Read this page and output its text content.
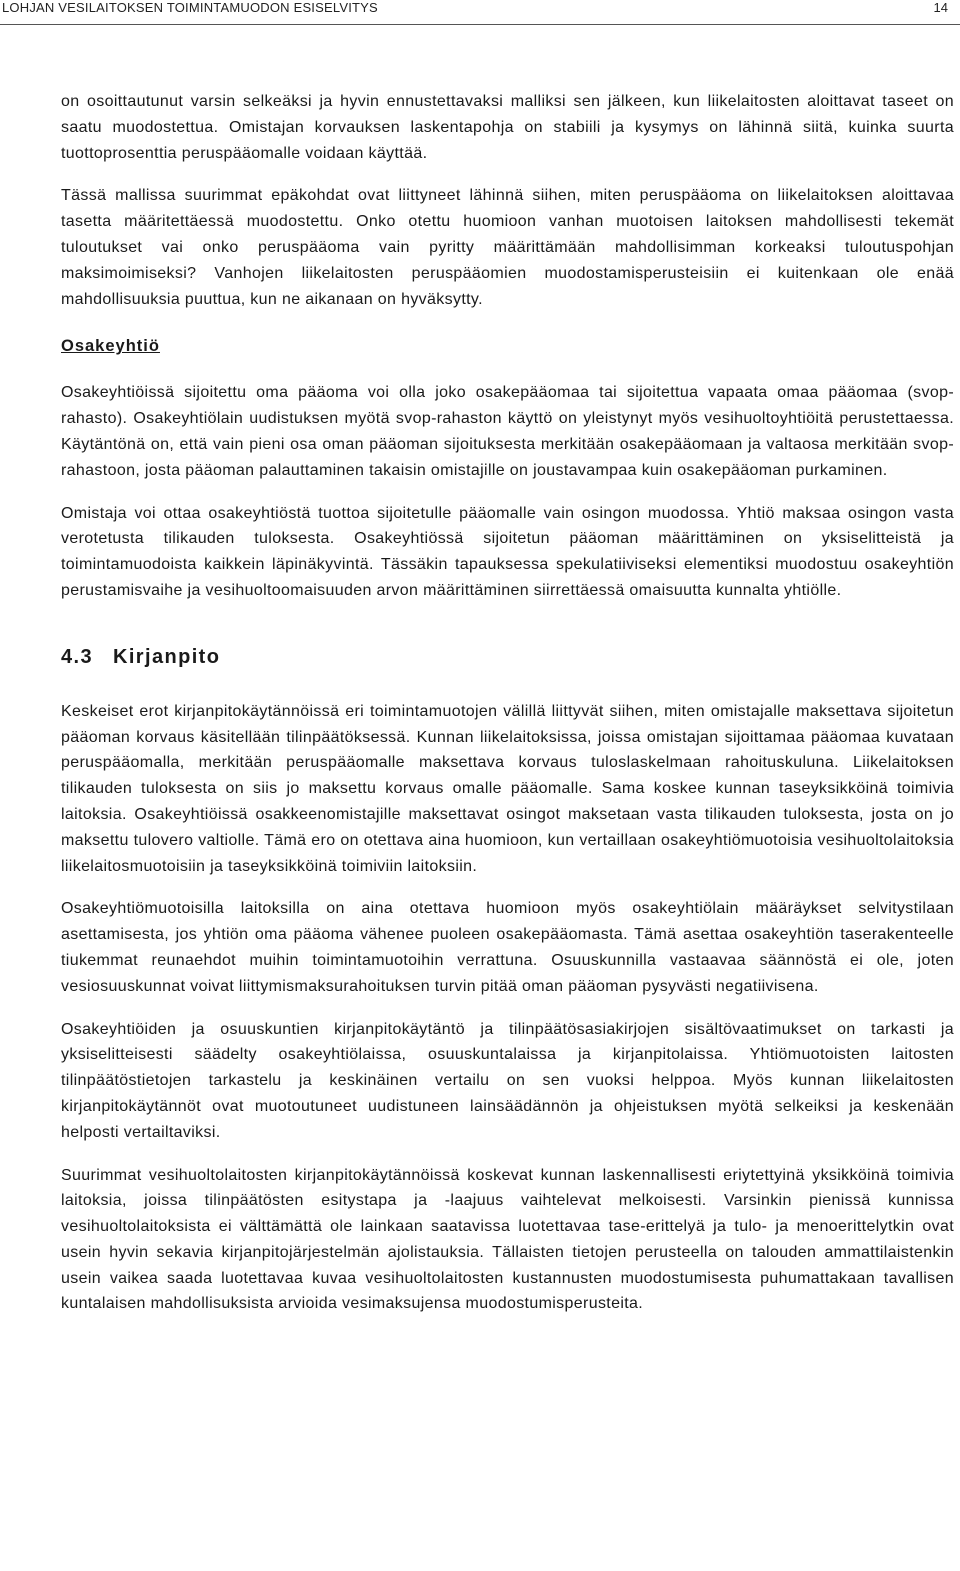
LOHJAN VESILAITOKSEN TOIMINTAMUODON ESISELVITYS	14

on osoittautunut varsin selkeäksi ja hyvin ennustettavaksi malliksi sen jälkeen, kun liikelaitosten aloittavat taseet on saatu muodostettua. Omistajan korvauksen laskentapohja on stabiili ja kysymys on lähinnä siitä, kuinka suurta tuottoprosenttia peruspääomalle voidaan käyttää.

Tässä mallissa suurimmat epäkohdat ovat liittyneet lähinnä siihen, miten peruspääoma on liikelaitoksen aloittavaa tasetta määritettäessä muodostettu. Onko otettu huomioon vanhan muotoisen laitoksen mahdollisesti tekemät tuloutukset vai onko peruspääoma vain pyritty määrittämään mahdollisimman korkeaksi tuloutuspohjan maksimoimiseksi? Vanhojen liikelaitosten peruspääomien muodostamisperusteisiin ei kuitenkaan ole enää mahdollisuuksia puuttua, kun ne aikanaan on hyväksytty.

Osakeyhtiö

Osakeyhtiöissä sijoitettu oma pääoma voi olla joko osakepääomaa tai sijoitettua vapaata omaa pääomaa (svop-rahasto). Osakeyhtiölain uudistuksen myötä svop-rahaston käyttö on yleistynyt myös vesihuoltoyhtiöitä perustettaessa. Käytäntönä on, että vain pieni osa oman pääoman sijoituksesta merkitään osakepääomaan ja valtaosa merkitään svop-rahastoon, josta pääoman palauttaminen takaisin omistajille on joustavampaa kuin osakepääoman purkaminen.

Omistaja voi ottaa osakeyhtiöstä tuottoa sijoitetulle pääomalle vain osingon muodossa. Yhtiö maksaa osingon vasta verotetusta tilikauden tuloksesta. Osakeyhtiössä sijoitetun pääoman määrittäminen on yksiselitteistä ja toimintamuodoista kaikkein läpinäkyvintä. Tässäkin tapauksessa spekulatiiviseksi elementiksi muodostuu osakeyhtiön perustamisvaihe ja vesihuoltoomaisuuden arvon määrittäminen siirrettäessä omaisuutta kunnalta yhtiölle.

4.3 Kirjanpito

Keskeiset erot kirjanpitokäytännöissä eri toimintamuotojen välillä liittyvät siihen, miten omistajalle maksettava sijoitetun pääoman korvaus käsitellään tilinpäätöksessä. Kunnan liikelaitoksissa, joissa omistajan sijoittamaa pääomaa kuvataan peruspääomalla, merkitään peruspääomalle maksettava korvaus tuloslaskelmaan rahoituskuluna. Liikelaitoksen tilikauden tuloksesta on siis jo maksettu korvaus omalle pääomalle. Sama koskee kunnan taseyksikköinä toimivia laitoksia. Osakeyhtiöissä osakkeenomistajille maksettavat osingot maksetaan vasta tilikauden tuloksesta, josta on jo maksettu tulovero valtiolle. Tämä ero on otettava aina huomioon, kun vertaillaan osakeyhtiömuotoisia vesihuoltolaitoksia liikelaitosmuotoisiin ja taseyksikköinä toimiviin laitoksiin.

Osakeyhtiömuotoisilla laitoksilla on aina otettava huomioon myös osakeyhtiölain määräykset selvitystilaan asettamisesta, jos yhtiön oma pääoma vähenee puoleen osakepääomasta. Tämä asettaa osakeyhtiön taserakenteelle tiukemmat reunaehdot muihin toimintamuotoihin verrattuna. Osuuskunnilla vastaavaa säännöstä ei ole, joten vesiosuuskunnat voivat liittymismaksurahoituksen turvin pitää oman pääoman pysyvästi negatiivisena.

Osakeyhtiöiden ja osuuskuntien kirjanpitokäytäntö ja tilinpäätösasiakirjojen sisältövaatimukset on tarkasti ja yksiselitteisesti säädelty osakeyhtiölaissa, osuuskuntalaissa ja kirjanpitolaissa. Yhtiömuotoisten laitosten tilinpäätöstietojen tarkastelu ja keskinäinen vertailu on sen vuoksi helppoa. Myös kunnan liikelaitosten kirjanpitokäytännöt ovat muotoutuneet uudistuneen lainsäädännön ja ohjeistuksen myötä selkeiksi ja keskenään helposti vertailtaviksi.

Suurimmat vesihuoltolaitosten kirjanpitokäytännöissä koskevat kunnan laskennallisesti eriytettyinä yksikköinä toimivia laitoksia, joissa tilinpäätösten esitystapa ja -laajuus vaihtelevat melkoisesti. Varsinkin pienissä kunnissa vesihuoltolaitoksista ei välttämättä ole lainkaan saatavissa luotettavaa tase-erittelyä ja tulo- ja menoerittelytkin ovat usein hyvin sekavia kirjanpitojärjestelmän ajolistauksia. Tällaisten tietojen perusteella on talouden ammattilaistenkin usein vaikea saada luotettavaa kuvaa vesihuoltolaitosten kustannusten muodostumisesta puhumattakaan tavallisen kuntalaisen mahdollisuksista arvioida vesimaksujensa muodostumisperusteita.
